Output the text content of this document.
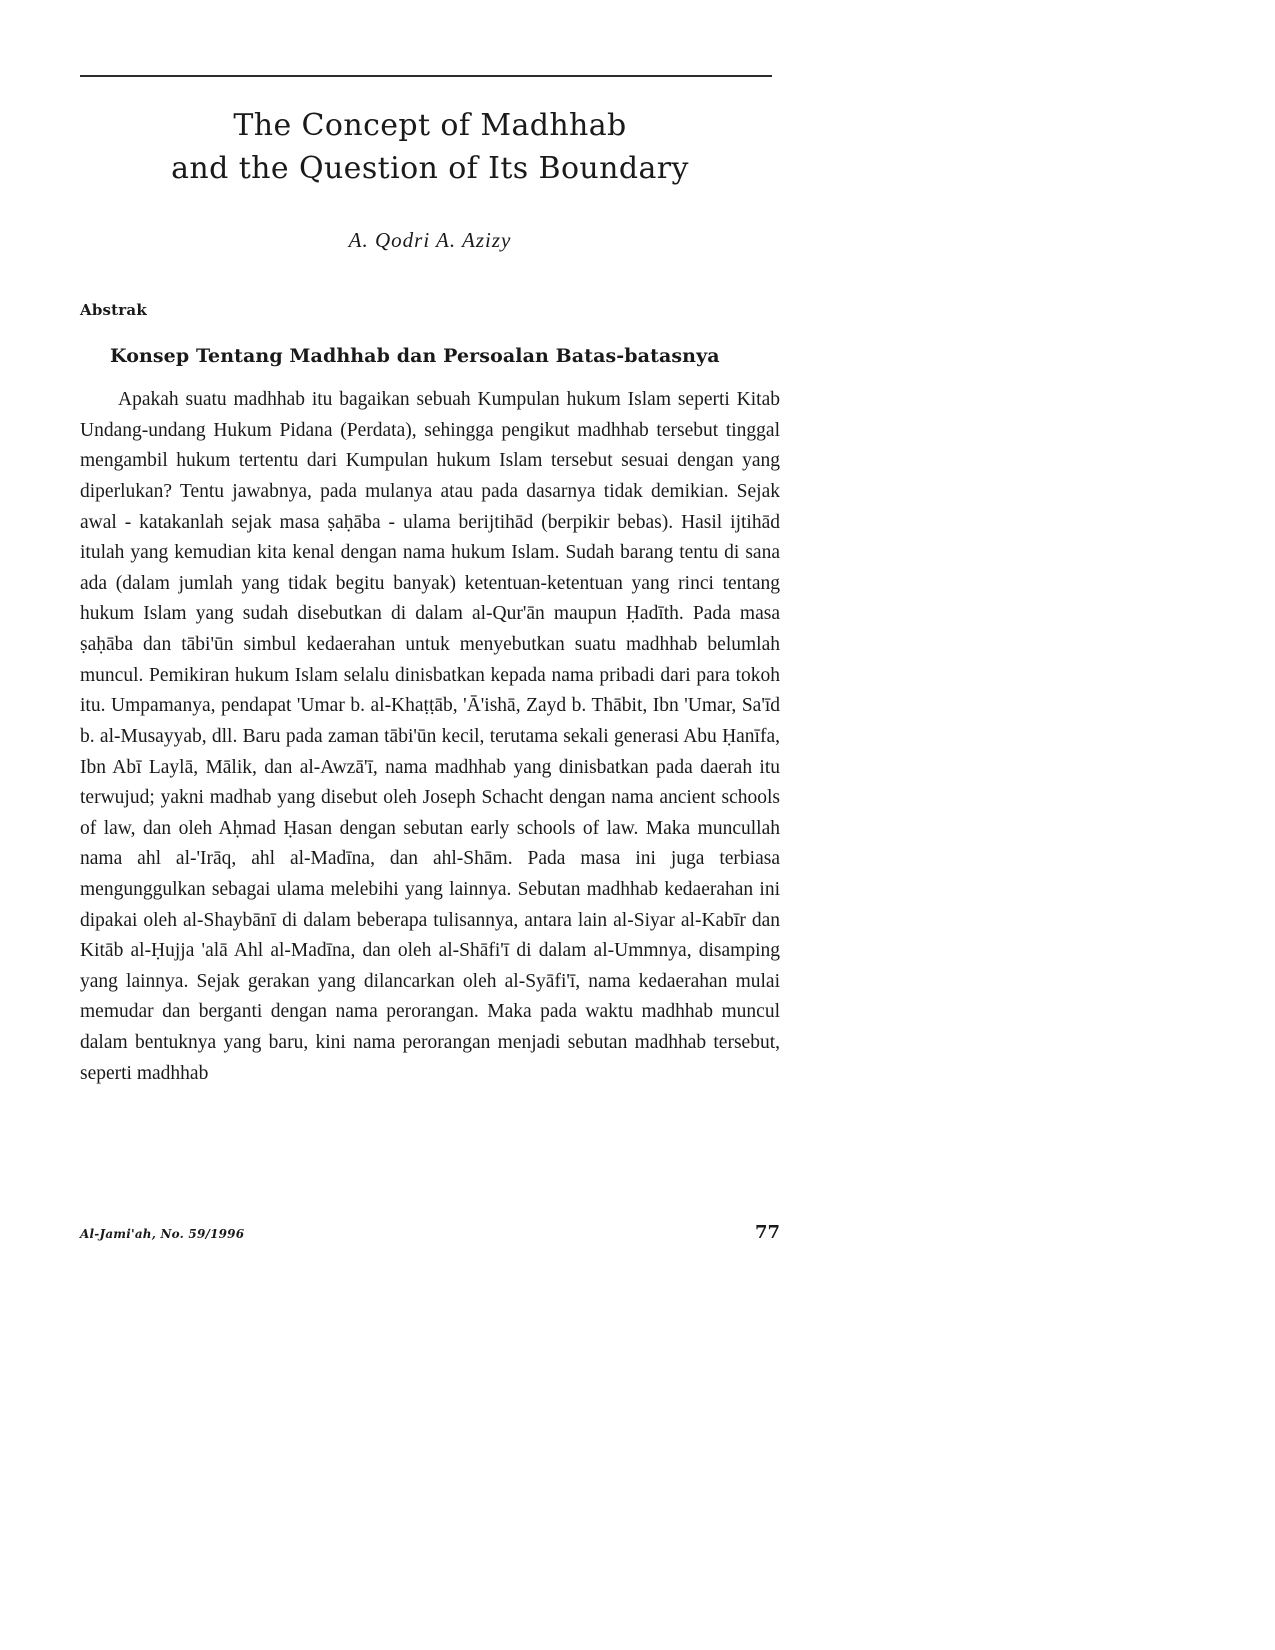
The Concept of Madhhab
and the Question of Its Boundary
A. Qodri A. Azizy
Abstrak
Konsep Tentang Madhhab dan Persoalan Batas-batasnya

Apakah suatu madhhab itu bagaikan sebuah Kumpulan hukum Islam seperti Kitab Undang-undang Hukum Pidana (Perdata), sehingga pengikut madhhab tersebut tinggal mengambil hukum tertentu dari Kumpulan hukum Islam tersebut sesuai dengan yang diperlukan? Tentu jawabnya, pada mulanya atau pada dasarnya tidak demikian. Sejak awal - katakanlah sejak masa ṣaḥāba - ulama berijtihād (berpikir bebas). Hasil ijtihād itulah yang kemudian kita kenal dengan nama hukum Islam. Sudah barang tentu di sana ada (dalam jumlah yang tidak begitu banyak) ketentuan-ketentuan yang rinci tentang hukum Islam yang sudah disebutkan di dalam al-Qur'ān maupun Ḥadīth. Pada masa ṣaḥāba dan tābi'ūn simbul kedaerahan untuk menyebutkan suatu madhhab belumlah muncul. Pemikiran hukum Islam selalu dinisbatkan kepada nama pribadi dari para tokoh itu. Umpamanya, pendapat 'Umar b. al-Khaṭṭāb, 'Ā'ishā, Zayd b. Thābit, Ibn 'Umar, Sa'īd b. al-Musayyab, dll. Baru pada zaman tābi'ūn kecil, terutama sekali generasi Abu Ḥanīfa, Ibn Abī Laylā, Mālik, dan al-Awzā'ī, nama madhhab yang dinisbatkan pada daerah itu terwujud; yakni madhab yang disebut oleh Joseph Schacht dengan nama ancient schools of law, dan oleh Aḥmad Ḥasan dengan sebutan early schools of law. Maka muncullah nama ahl al-'Irāq, ahl al-Madīna, dan ahl-Shām. Pada masa ini juga terbiasa mengunggulkan sebagai ulama melebihi yang lainnya. Sebutan madhhab kedaerahan ini dipakai oleh al-Shaybānī di dalam beberapa tulisannya, antara lain al-Siyar al-Kabīr dan Kitāb al-Ḥujja 'alā Ahl al-Madīna, dan oleh al-Shāfi'ī di dalam al-Ummnya, disamping yang lainnya. Sejak gerakan yang dilancarkan oleh al-Syāfi'ī, nama kedaerahan mulai memudar dan berganti dengan nama perorangan. Maka pada waktu madhhab muncul dalam bentuknya yang baru, kini nama perorangan menjadi sebutan madhhab tersebut, seperti madhhab

Al-Jami'ah, No. 59/1996	77
